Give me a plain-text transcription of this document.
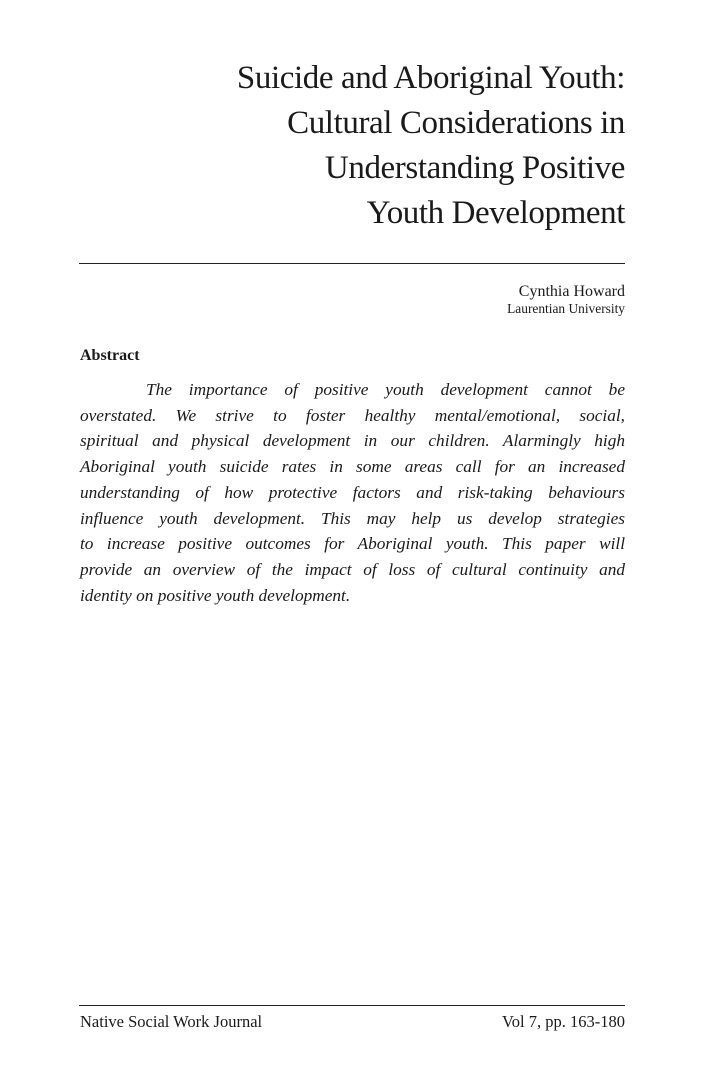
Suicide and Aboriginal Youth:
Cultural Considerations in
Understanding Positive
Youth Development
Cynthia Howard
Laurentian University
Abstract
The importance of positive youth development cannot be
overstated. We strive to foster healthy mental/emotional, social,
spiritual and physical development in our children. Alarmingly high
Aboriginal youth suicide rates in some areas call for an increased
understanding of how protective factors and risk-taking behaviours
influence youth development. This may help us develop strategies
to increase positive outcomes for Aboriginal youth. This paper will
provide an overview of the impact of loss of cultural continuity and
identity on positive youth development.
Native Social Work Journal	Vol 7, pp. 163-180
